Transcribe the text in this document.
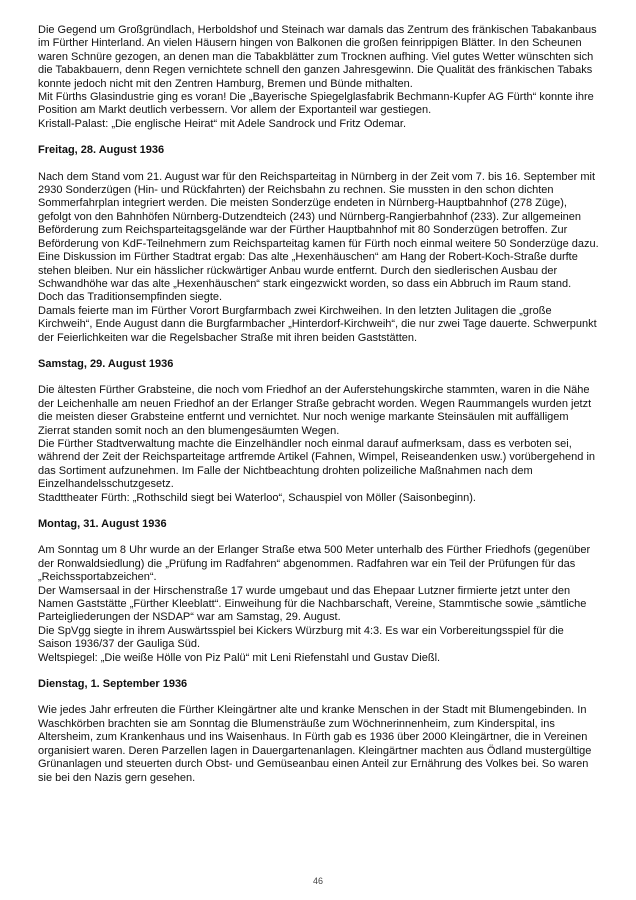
Die Gegend um Großgründlach, Herboldshof und Steinach war damals das Zentrum des fränkischen Tabakanbaus im Fürther Hinterland. An vielen Häusern hingen von Balkonen die großen feinrippigen Blätter. In den Scheunen waren Schnüre gezogen, an denen man die Tabakblätter zum Trocknen aufhing. Viel gutes Wetter wünschten sich die Tabakbauern, denn Regen vernichtete schnell den ganzen Jahresgewinn. Die Qualität des fränkischen Tabaks konnte jedoch nicht mit den Zentren Hamburg, Bremen und Bünde mithalten.

Mit Fürths Glasindustrie ging es voran! Die „Bayerische Spiegelglasfabrik Bechmann-Kupfer AG Fürth“ konnte ihre Position am Markt deutlich verbessern. Vor allem der Exportanteil war gestiegen.

Kristall-Palast: „Die englische Heirat“ mit Adele Sandrock und Fritz Odemar.

Freitag, 28. August 1936

Nach dem Stand vom 21. August war für den Reichsparteitag in Nürnberg in der Zeit vom 7. bis 16. September mit 2930 Sonderzügen (Hin- und Rückfahrten) der Reichsbahn zu rechnen. Sie mussten in den schon dichten Sommerfahrplan integriert werden. Die meisten Sonderzüge endeten in Nürnberg-Hauptbahnhof (278 Züge), gefolgt von den Bahnhöfen Nürnberg-Dutzendteich (243) und Nürnberg-Rangierbahnhof (233). Zur allgemeinen Beförderung zum Reichsparteitagsgelände war der Fürther Hauptbahnhof mit 80 Sonderzügen betroffen. Zur Beförderung von KdF-Teilnehmern zum Reichsparteitag kamen für Fürth noch einmal weitere 50 Sonderzüge dazu.

Eine Diskussion im Fürther Stadtrat ergab: Das alte „Hexenhäuschen“ am Hang der Robert-Koch-Straße durfte stehen bleiben. Nur ein hässlicher rückwärtiger Anbau wurde entfernt. Durch den siedlerischen Ausbau der Schwandhöhe war das alte „Hexenhäuschen“ stark eingezwickt worden, so dass ein Abbruch im Raum stand. Doch das Traditionsempfinden siegte.

Damals feierte man im Fürther Vorort Burgfarmbach zwei Kirchweihen. In den letzten Julitagen die „große Kirchweih“, Ende August dann die Burgfarmbacher „Hinterdorf-Kirchweih“, die nur zwei Tage dauerte. Schwerpunkt der Feierlichkeiten war die Regelsbacher Straße mit ihren beiden Gaststätten.

Samstag, 29. August 1936

Die ältesten Fürther Grabsteine, die noch vom Friedhof an der Auferstehungskirche stammten, waren in die Nähe der Leichenhalle am neuen Friedhof an der Erlanger Straße gebracht worden. Wegen Raummangels wurden jetzt die meisten dieser Grabsteine entfernt und vernichtet. Nur noch wenige markante Steinsäulen mit auffälligem Zierrat standen somit noch an den blumengesäumten Wegen.

Die Fürther Stadtverwaltung machte die Einzelhändler noch einmal darauf aufmerksam, dass es verboten sei, während der Zeit der Reichsparteitage artfremde Artikel (Fahnen, Wimpel, Reiseandenken usw.) vorübergehend in das Sortiment aufzunehmen. Im Falle der Nichtbeachtung drohten polizeiliche Maßnahmen nach dem Einzelhandelsschutzgesetz.

Stadttheater Fürth: „Rothschild siegt bei Waterloo“, Schauspiel von Möller (Saisonbeginn).

Montag, 31. August 1936

Am Sonntag um 8 Uhr wurde an der Erlanger Straße etwa 500 Meter unterhalb des Fürther Friedhofs (gegenüber der Ronwaldsiedlung) die „Prüfung im Radfahren“ abgenommen. Radfahren war ein Teil der Prüfungen für das „Reichssportabzeichen“.

Der Wamsersaal in der Hirschenstraße 17 wurde umgebaut und das Ehepaar Lutzner firmierte jetzt unter den Namen Gaststätte „Fürther Kleeblatt“. Einweihung für die Nachbarschaft, Vereine, Stammtische sowie „sämtliche Parteigliederungen der NSDAP“ war am Samstag, 29. August.

Die SpVgg siegte in ihrem Auswärtsspiel bei Kickers Würzburg mit 4:3. Es war ein Vorbereitungsspiel für die Saison 1936/37 der Gauliga Süd.

Weltspiegel: „Die weiße Hölle von Piz Palü“ mit Leni Riefenstahl und Gustav Dießl.

Dienstag, 1. September 1936

Wie jedes Jahr erfreuten die Fürther Kleingärtner alte und kranke Menschen in der Stadt mit Blumengebinden. In Waschkörben brachten sie am Sonntag die Blumensträuße zum Wöchnerinnenheim, zum Kinderspital, ins Altersheim, zum Krankenhaus und ins Waisenhaus. In Fürth gab es 1936 über 2000 Kleingärtner, die in Vereinen organisiert waren. Deren Parzellen lagen in Dauergartenanlagen. Kleingärtner machten aus Ödland mustergültige Grünanlagen und steuerten durch Obst- und Gemüseanbau einen Anteil zur Ernährung des Volkes bei. So waren sie bei den Nazis gern gesehen.

46
